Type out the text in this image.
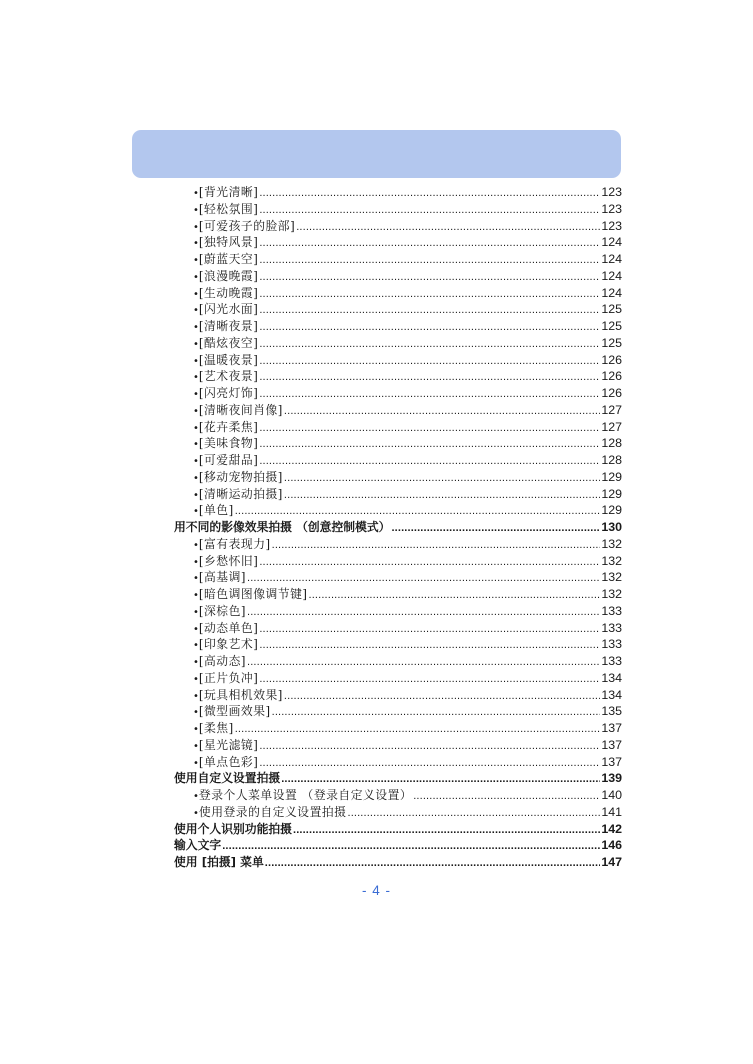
• [背光清晰] .....	123
• [轻松氛围] .....	123
• [可爱孩子的脸部] .....	123
• [独特风景] .....	124
• [蔚蓝天空] .....	124
• [浪漫晚霞] .....	124
• [生动晚霞] .....	124
• [闪光水面] .....	125
• [清晰夜景] .....	125
• [酷炫夜空] .....	125
• [温暖夜景] .....	126
• [艺术夜景] .....	126
• [闪亮灯饰] .....	126
• [清晰夜间肖像] .....	127
• [花卉柔焦] .....	127
• [美味食物] .....	128
• [可爱甜品] .....	128
• [移动宠物拍摄] .....	129
• [清晰运动拍摄] .....	129
• [单色] .....	129
用不同的影像效果拍摄 （创意控制模式） .....	130
• [富有表现力] .....	132
• [乡愁怀旧] .....	132
• [高基调] .....	132
• [暗色调图像调节键] .....	132
• [深棕色] .....	133
• [动态单色] .....	133
• [印象艺术] .....	133
• [高动态] .....	133
• [正片负冲] .....	134
• [玩具相机效果] .....	134
• [微型画效果] .....	135
• [柔焦] .....	137
• [星光滤镜] .....	137
• [单点色彩] .....	137
使用自定义设置拍摄 .....	139
• 登录个人菜单设置 （登录自定义设置） .....	140
• 使用登录的自定义设置拍摄 .....	141
使用个人识别功能拍摄 .....	142
输入文字 .....	146
使用 [拍摄] 菜单 .....	147
- 4 -
